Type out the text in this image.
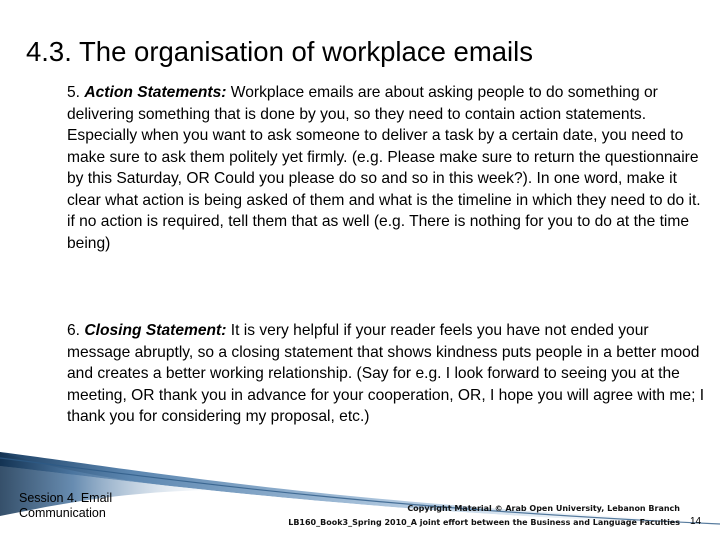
4.3. The organisation of workplace emails

5. Action Statements: Workplace emails are about asking people to do something or delivering something that is done by you, so they need to contain action statements. Especially when you want to ask someone to deliver a task by a certain date, you need to make sure to ask them politely yet firmly. (e.g. Please make sure to return the questionnaire by this Saturday, OR Could you please do so and so in this week?). In one word, make it clear what action is being asked of them and what is the timeline in which they need to do it.
if no action is required, tell them that as well (e.g. There is nothing for you to do at the time being)

6. Closing Statement: It is very helpful if your reader feels you have not ended your message abruptly, so a closing statement that shows kindness puts people in a better mood and creates a better working relationship. (Say for e.g. I look forward to seeing you at the meeting, OR thank you in advance for your cooperation, OR, I hope you will agree with me; I thank you for considering my proposal, etc.)

Session 4. Email
Communication	Copyright Material © Arab Open University, Lebanon Branch
LB160_Book3_Spring 2010_A joint effort between the Business and Language Faculties 14
